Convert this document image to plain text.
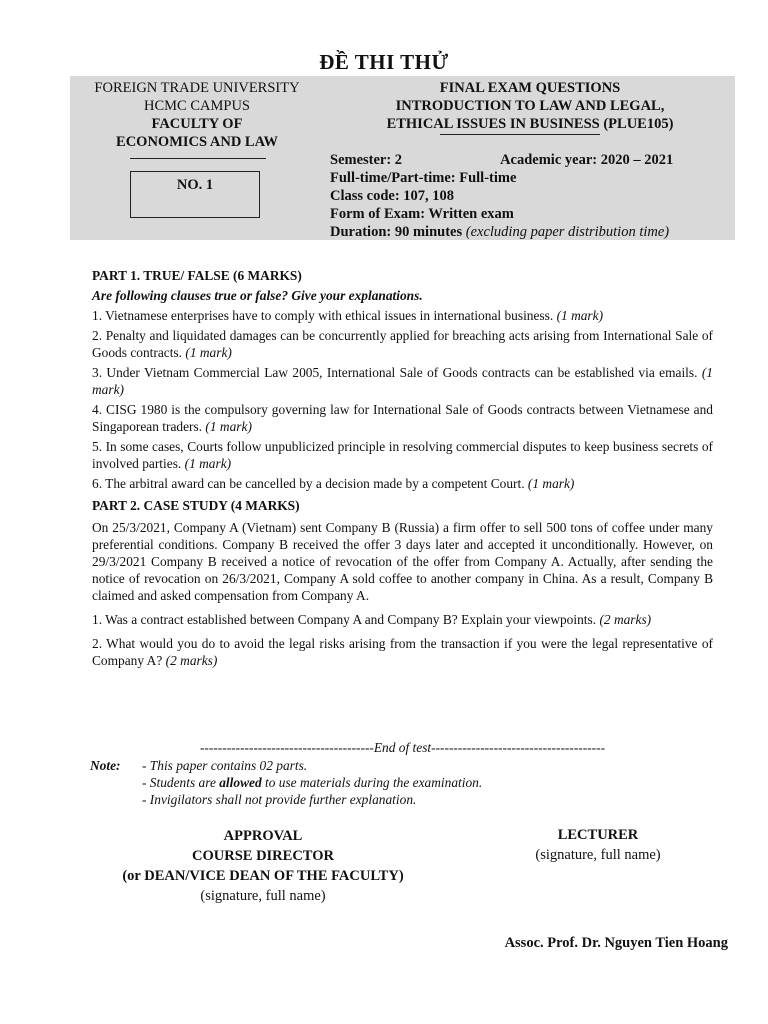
ĐỀ THI THỬ
FOREIGN TRADE UNIVERSITY
HCMC CAMPUS
FACULTY OF
ECONOMICS AND LAW
NO. 1
FINAL EXAM QUESTIONS
INTRODUCTION TO LAW AND LEGAL,
ETHICAL ISSUES IN BUSINESS (PLUE105)
Semester: 2	Academic year: 2020 – 2021
Full-time/Part-time: Full-time
Class code: 107, 108
Form of Exam: Written exam
Duration: 90 minutes (excluding paper distribution time)
PART 1. TRUE/ FALSE (6 MARKS)
Are following clauses true or false? Give your explanations.

1. Vietnamese enterprises have to comply with ethical issues in international business. (1 mark)

2. Penalty and liquidated damages can be concurrently applied for breaching acts arising from International Sale of Goods contracts. (1 mark)

3. Under Vietnam Commercial Law 2005, International Sale of Goods contracts can be established via emails. (1 mark)

4. CISG 1980 is the compulsory governing law for International Sale of Goods contracts between Vietnamese and Singaporean traders. (1 mark)

5. In some cases, Courts follow unpublicized principle in resolving commercial disputes to keep business secrets of involved parties. (1 mark)

6. The arbitral award can be cancelled by a decision made by a competent Court. (1 mark)

PART 2. CASE STUDY (4 MARKS)

On 25/3/2021, Company A (Vietnam) sent Company B (Russia) a firm offer to sell 500 tons of coffee under many preferential conditions. Company B received the offer 3 days later and accepted it unconditionally. However, on 29/3/2021 Company B received a notice of revocation of the offer from Company A. Actually, after sending the notice of revocation on 26/3/2021, Company A sold coffee to another company in China. As a result, Company B claimed and asked compensation from Company A.

1. Was a contract established between Company A and Company B? Explain your viewpoints. (2 marks)

2. What would you do to avoid the legal risks arising from the transaction if you were the legal representative of Company A? (2 marks)

---------------------------------------End of test---------------------------------------
Note: - This paper contains 02 parts.
- Students are allowed to use materials during the examination.
- Invigilators shall not provide further explanation.
APPROVAL
COURSE DIRECTOR
(or DEAN/VICE DEAN OF THE FACULTY)
(signature, full name)
LECTURER
(signature, full name)
Assoc. Prof. Dr. Nguyen Tien Hoang
